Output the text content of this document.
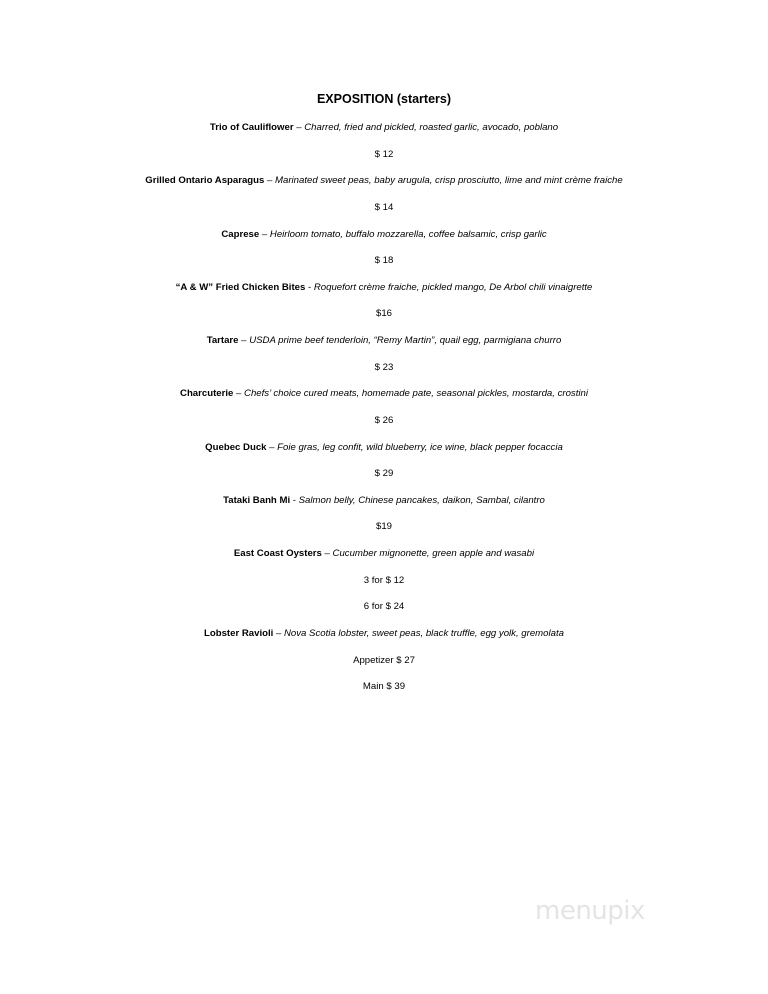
EXPOSITION (starters)
Trio of Cauliflower – Charred, fried and pickled, roasted garlic, avocado, poblano
$ 12
Grilled Ontario Asparagus – Marinated sweet peas, baby arugula, crisp prosciutto, lime and mint crème fraiche
$ 14
Caprese – Heirloom tomato, buffalo mozzarella, coffee balsamic, crisp garlic
$ 18
“A & W” Fried Chicken Bites - Roquefort crème fraiche, pickled mango, De Arbol chili vinaigrette
$16
Tartare – USDA prime beef tenderloin, “Remy Martin”, quail egg, parmigiana churro
$ 23
Charcuterie – Chefs’ choice cured meats, homemade pate, seasonal pickles, mostarda, crostini
$ 26
Quebec Duck – Foie gras, leg confit, wild blueberry, ice wine, black pepper focaccia
$ 29
Tataki Banh Mi - Salmon belly, Chinese pancakes, daikon, Sambal, cilantro
$19
East Coast Oysters – Cucumber mignonette, green apple and wasabi
3 for $ 12
6 for $ 24
Lobster Ravioli – Nova Scotia lobster, sweet peas, black truffle, egg yolk, gremolata
Appetizer $ 27
Main $ 39
menupix
